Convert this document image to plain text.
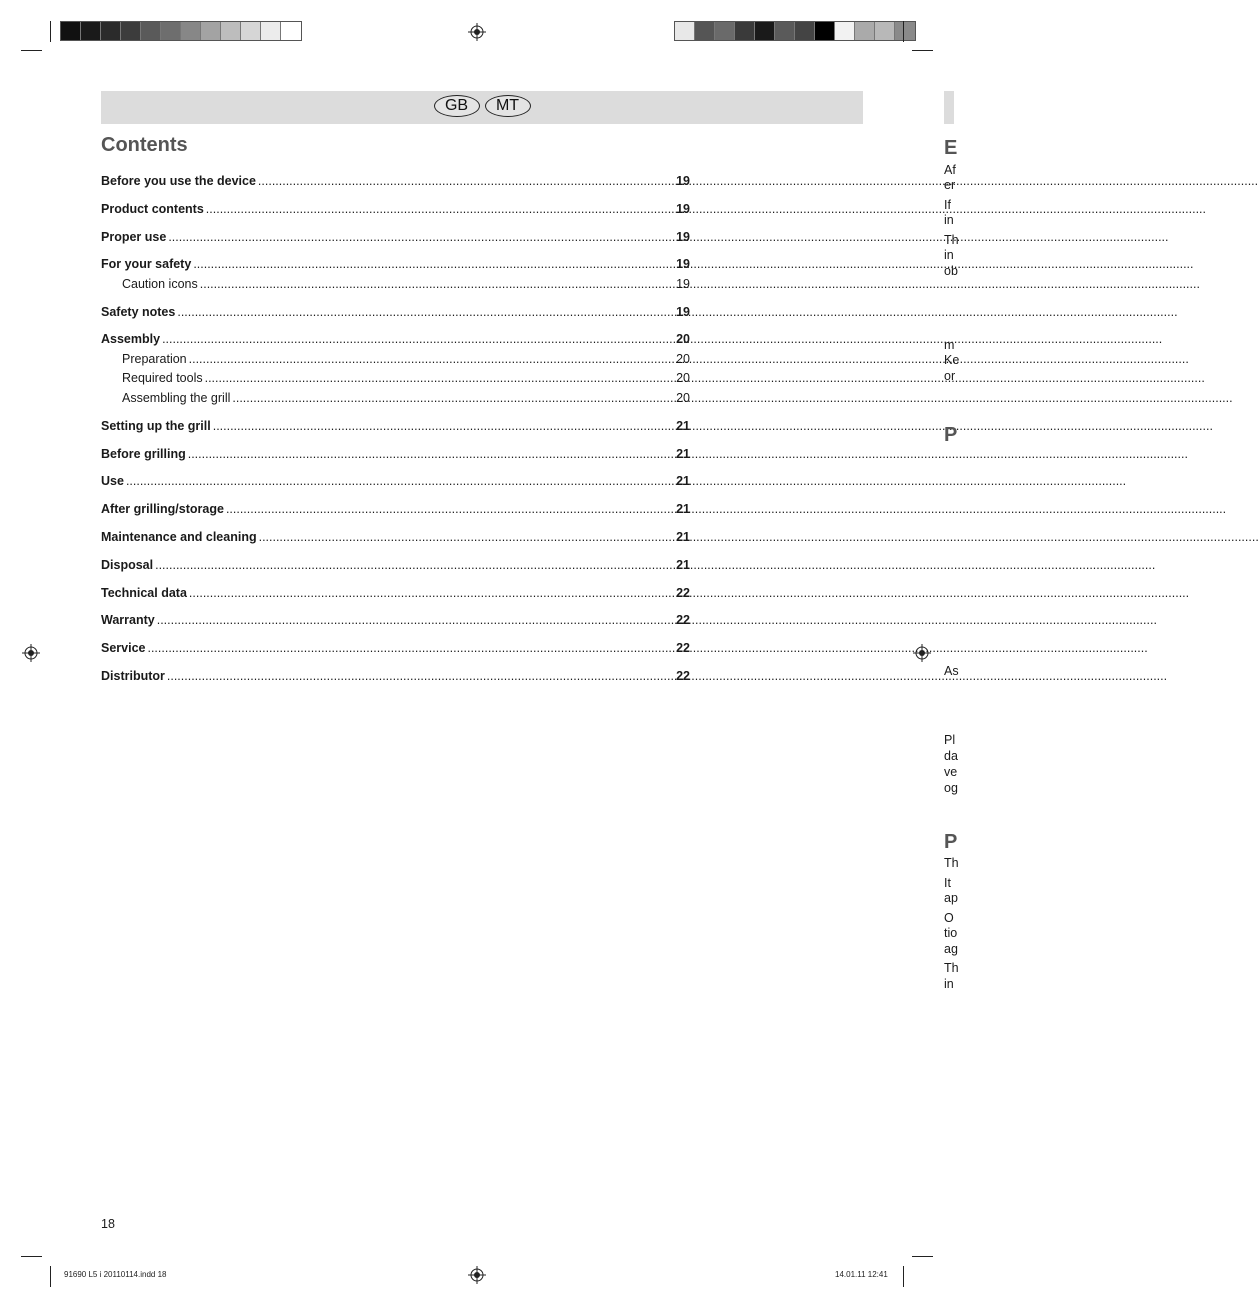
GB	MT
Contents
Before you use the device .....	19
Product contents .....	19
Proper use .....	19
For your safety .....	19
Caution icons .....	19
Safety notes .....	19
Assembly .....	20
Preparation .....	20
Required tools .....	20
Assembling the grill .....	20
Setting up the grill .....	21
Before grilling .....	21
Use .....	21
After grilling/storage .....	21
Maintenance and cleaning .....	21
Disposal .....	21
Technical data .....	22
Warranty .....	22
Service .....	22
Distributor .....	22
18
91690 L5 i 20110114.indd 18	14.01.11 12:41
E
P
P
Af
er
If
in
Th
in
ob
m
Ke
or
As
Pl
da
ve
og
Th
It
ap
O
tio
ag
Th
in
